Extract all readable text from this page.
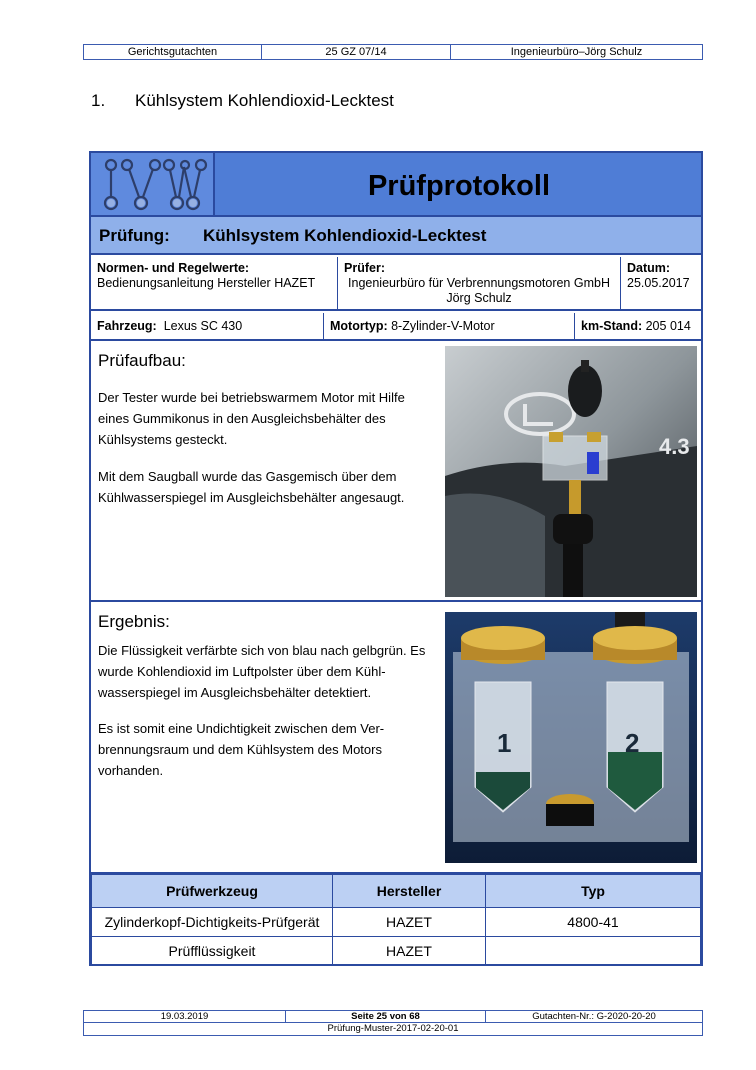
Gerichtsgutachten	25 GZ 07/14	Ingenieurbüro–Jörg Schulz
1. Kühlsystem Kohlendioxid-Lecktest
Prüfprotokoll
Prüfung: Kühlsystem Kohlendioxid-Lecktest
Normen- und Regelwerte:
Bedienungsanleitung Hersteller HAZET
Prüfer:
Ingenieurbüro für Verbrennungsmotoren GmbH
Jörg Schulz
Datum:
25.05.2017
Fahrzeug: Lexus SC 430	Motortyp: 8-Zylinder-V-Motor	km-Stand: 205 014
Prüfaufbau:

Der Tester wurde bei betriebswarmem Motor mit Hilfe eines Gummikonus in den Ausgleichsbehälter des Kühlsystems gesteckt.

Mit dem Saugball wurde das Gasgemisch über dem Kühlwasserspiegel im Ausgleichsbehälter angesaugt.

4.3
Ergebnis:

Die Flüssigkeit verfärbte sich von blau nach gelbgrün. Es wurde Kohlendioxid im Luftpolster über dem Kühl-wasserspiegel im Ausgleichsbehälter detektiert.

Es ist somit eine Undichtigkeit zwischen dem Ver-brennungsraum und dem Kühlsystem des Motors vorhanden.

1	2
Prüfwerkzeug	Hersteller	Typ
Zylinderkopf-Dichtigkeits-Prüfgerät	HAZET	4800-41
Prüfflüssigkeit	HAZET	
19.03.2019	Seite 25 von 68	Gutachten-Nr.: G-2020-20-20
Prüfung-Muster-2017-02-20-01
